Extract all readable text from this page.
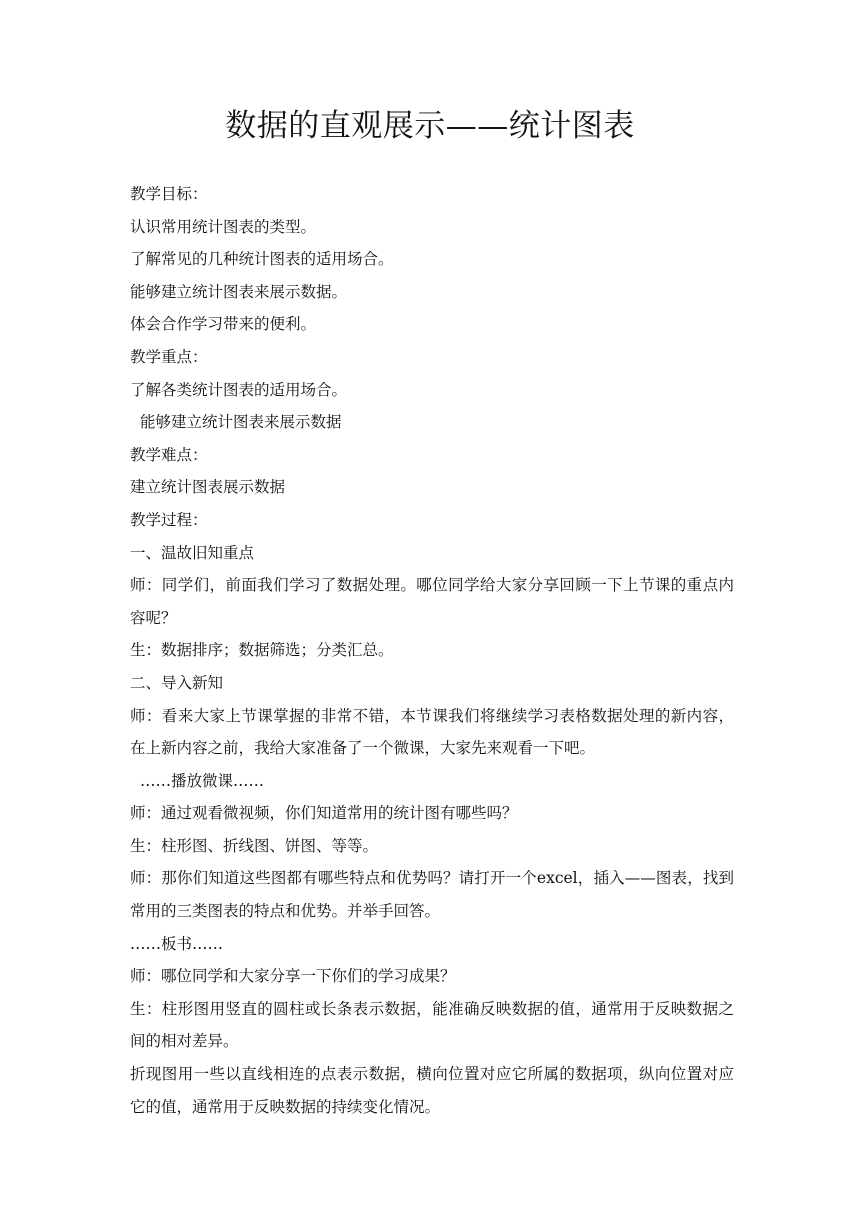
数据的直观展示——统计图表

教学目标：

认识常用统计图表的类型。

了解常见的几种统计图表的适用场合。

能够建立统计图表来展示数据。

体会合作学习带来的便利。

教学重点：

了解各类统计图表的适用场合。

能够建立统计图表来展示数据

教学难点：

建立统计图表展示数据

教学过程：

一、温故旧知重点

师：同学们，前面我们学习了数据处理。哪位同学给大家分享回顾一下上节课的重点内容呢？

生：数据排序；数据筛选；分类汇总。

二、导入新知

师：看来大家上节课掌握的非常不错，本节课我们将继续学习表格数据处理的新内容，在上新内容之前，我给大家准备了一个微课，大家先来观看一下吧。

……播放微课……

师：通过观看微视频，你们知道常用的统计图有哪些吗？

生：柱形图、折线图、饼图、等等。

师：那你们知道这些图都有哪些特点和优势吗？请打开一个excel，插入——图表，找到常用的三类图表的特点和优势。并举手回答。

……板书……

师：哪位同学和大家分享一下你们的学习成果？

生：柱形图用竖直的圆柱或长条表示数据，能准确反映数据的值，通常用于反映数据之间的相对差异。

折现图用一些以直线相连的点表示数据，横向位置对应它所属的数据项，纵向位置对应它的值，通常用于反映数据的持续变化情况。
